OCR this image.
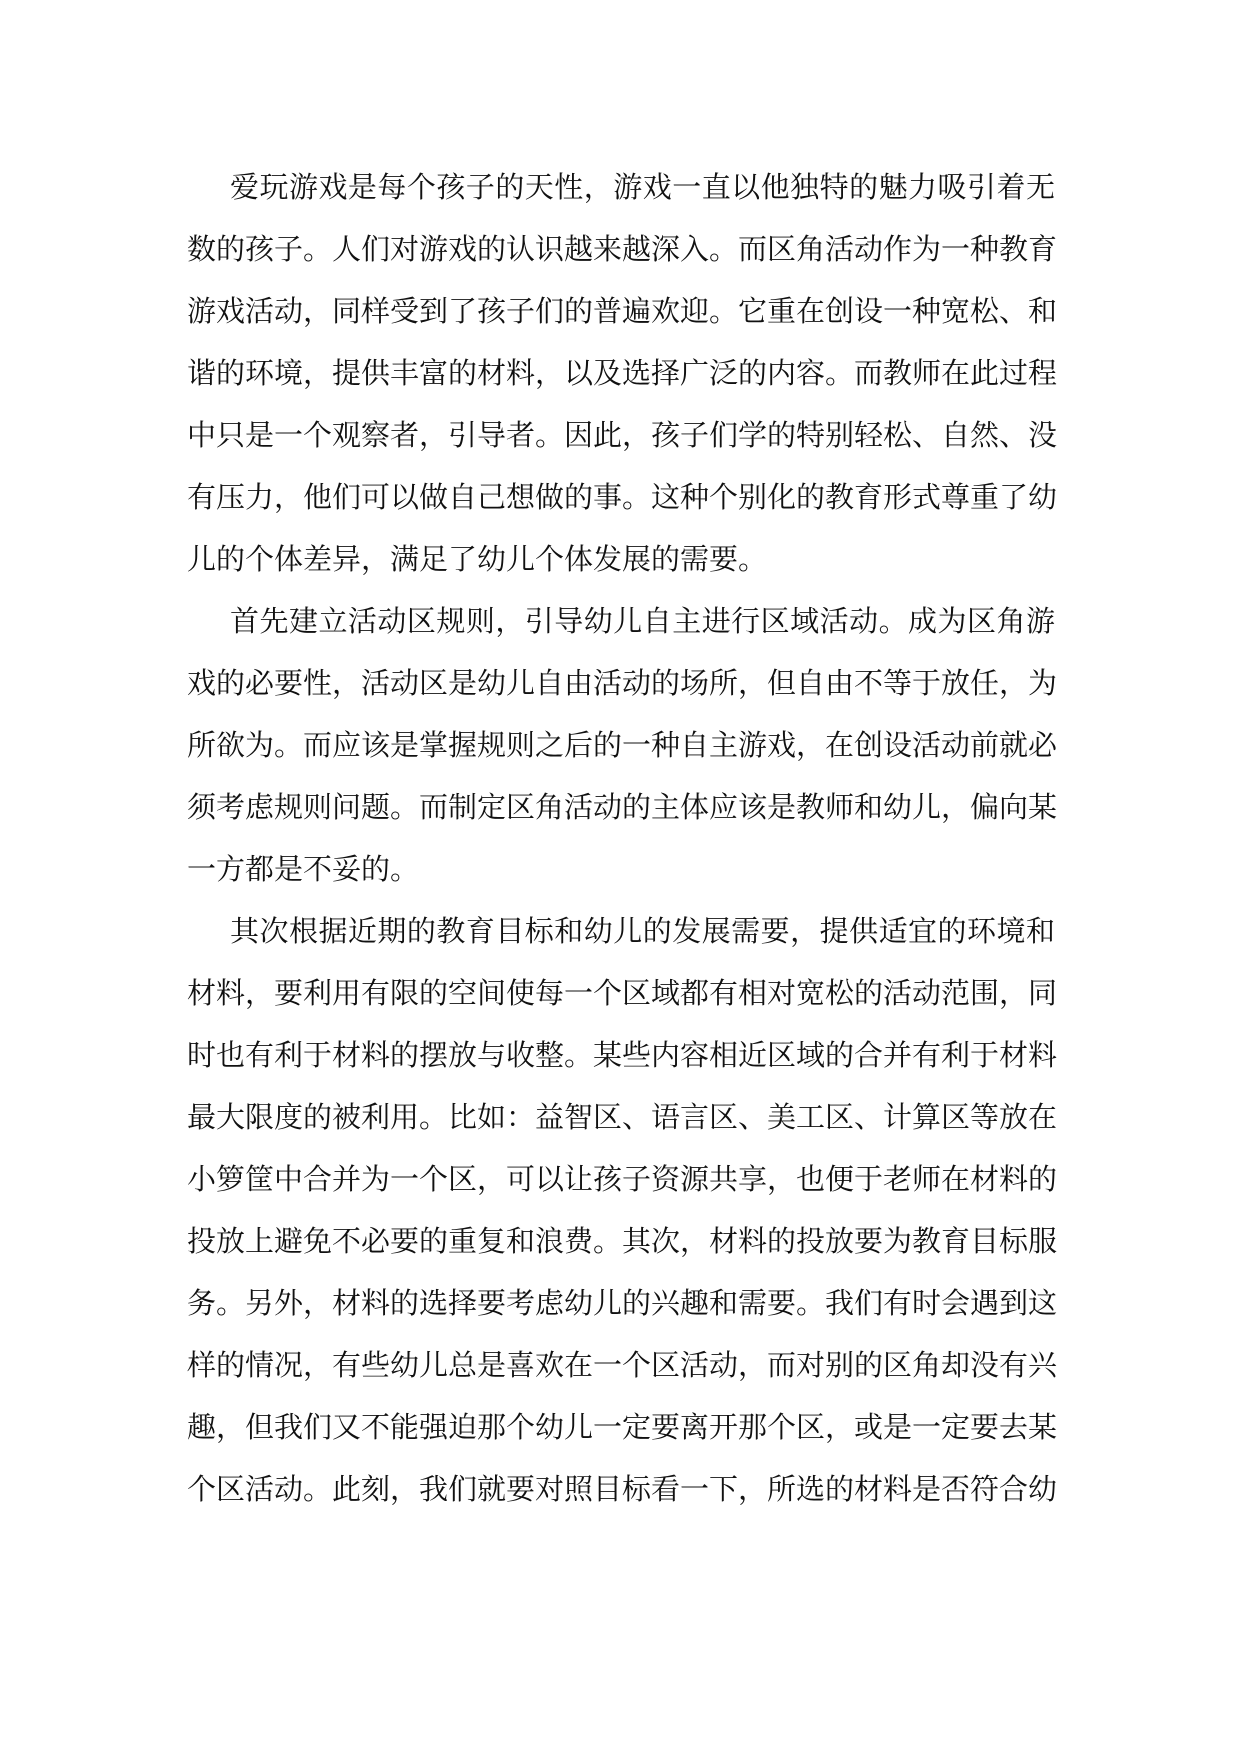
爱玩游戏是每个孩子的天性，游戏一直以他独特的魅力吸引着无
数的孩子。人们对游戏的认识越来越深入。而区角活动作为一种教育
游戏活动，同样受到了孩子们的普遍欢迎。它重在创设一种宽松、和
谐的环境，提供丰富的材料，以及选择广泛的内容。而教师在此过程
中只是一个观察者，引导者。因此，孩子们学的特别轻松、自然、没
有压力，他们可以做自己想做的事。这种个别化的教育形式尊重了幼
儿的个体差异，满足了幼儿个体发展的需要。
首先建立活动区规则，引导幼儿自主进行区域活动。成为区角游
戏的必要性，活动区是幼儿自由活动的场所，但自由不等于放任，为
所欲为。而应该是掌握规则之后的一种自主游戏，在创设活动前就必
须考虑规则问题。而制定区角活动的主体应该是教师和幼儿，偏向某
一方都是不妥的。
其次根据近期的教育目标和幼儿的发展需要，提供适宜的环境和
材料，要利用有限的空间使每一个区域都有相对宽松的活动范围，同
时也有利于材料的摆放与收整。某些内容相近区域的合并有利于材料
最大限度的被利用。比如：益智区、语言区、美工区、计算区等放在
小箩筐中合并为一个区，可以让孩子资源共享，也便于老师在材料的
投放上避免不必要的重复和浪费。其次，材料的投放要为教育目标服
务。另外，材料的选择要考虑幼儿的兴趣和需要。我们有时会遇到这
样的情况，有些幼儿总是喜欢在一个区活动，而对别的区角却没有兴
趣，但我们又不能强迫那个幼儿一定要离开那个区，或是一定要去某
个区活动。此刻，我们就要对照目标看一下，所选的材料是否符合幼
